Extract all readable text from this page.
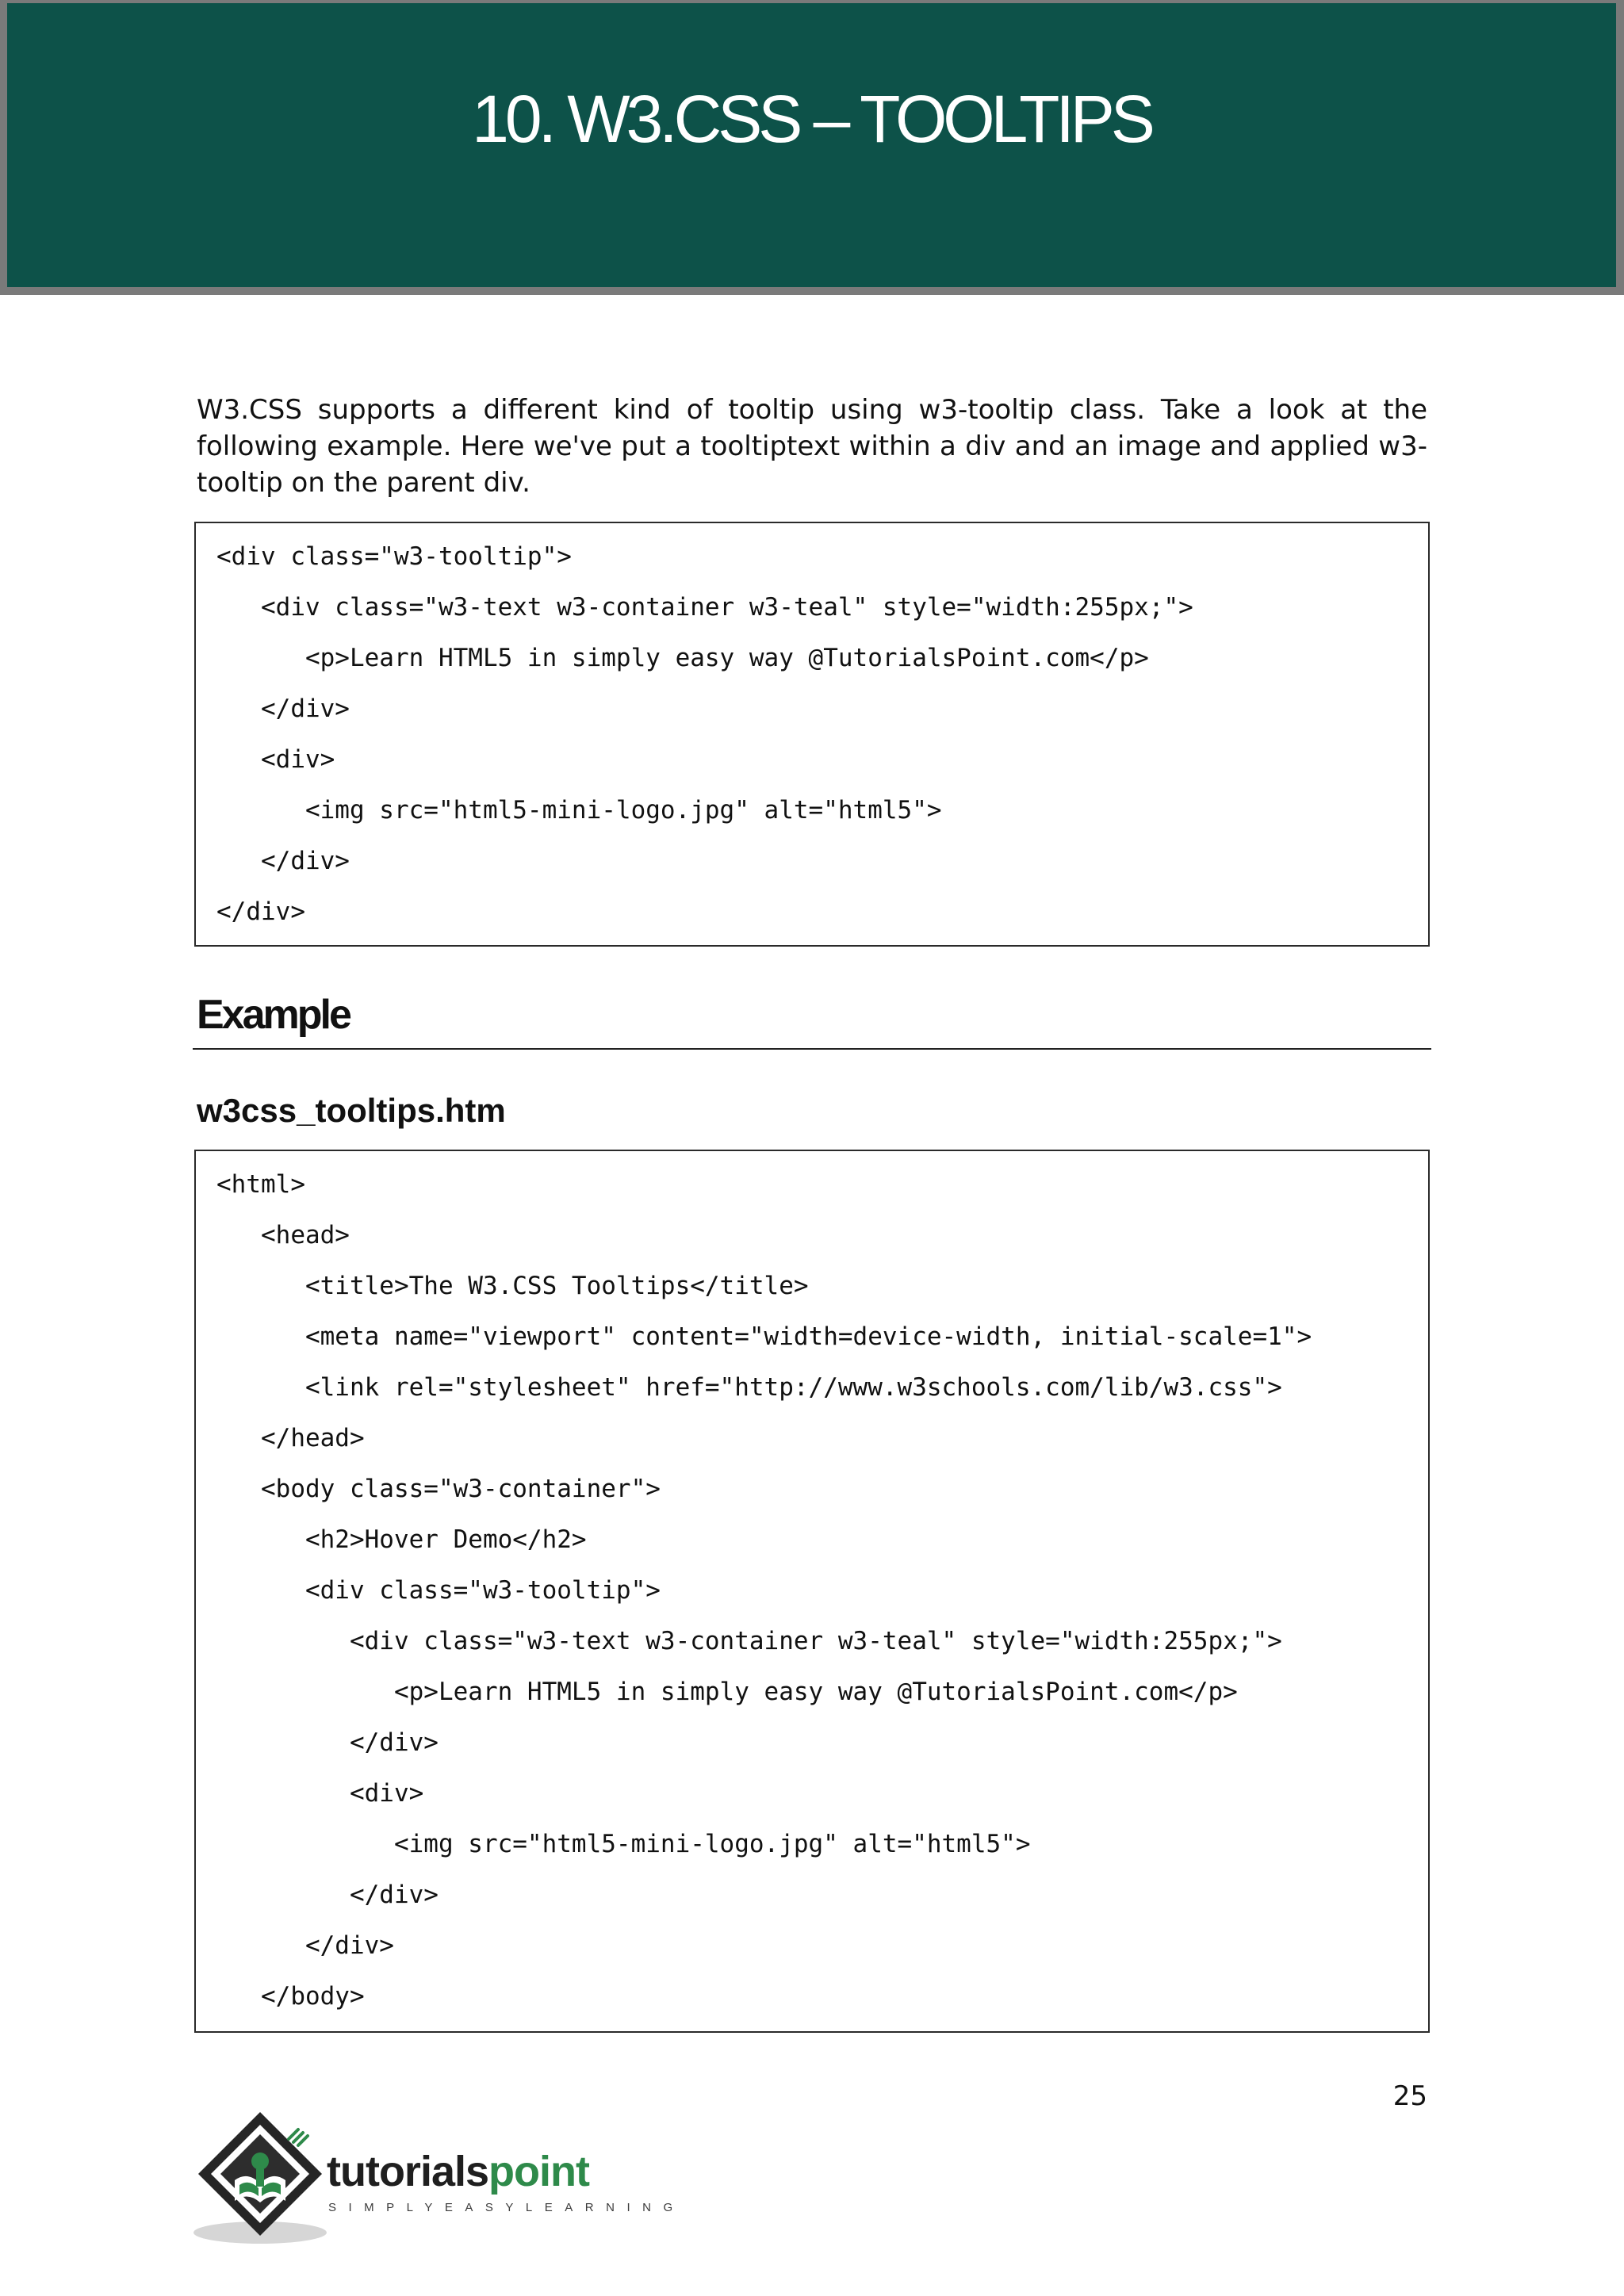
10. W3.CSS – TOOLTIPS

W3.CSS supports a different kind of tooltip using w3-tooltip class. Take a look at the following example. Here we've put a tooltiptext within a div and an image and applied w3-tooltip on the parent div.

<div class="w3-tooltip">
<div class="w3-text w3-container w3-teal" style="width:255px;">
<p>Learn HTML5 in simply easy way @TutorialsPoint.com</p>
</div>
<div>
<img src="html5-mini-logo.jpg" alt="html5">
</div>
</div>
Example
w3css_tooltips.htm
<html>
<head>
<title>The W3.CSS Tooltips</title>
<meta name="viewport" content="width=device-width, initial-scale=1">
<link rel="stylesheet" href="http://www.w3schools.com/lib/w3.css">
</head>
<body class="w3-container">
<h2>Hover Demo</h2>
<div class="w3-tooltip">
<div class="w3-text w3-container w3-teal" style="width:255px;">
<p>Learn HTML5 in simply easy way @TutorialsPoint.com</p>
</div>
<div>
<img src="html5-mini-logo.jpg" alt="html5">
</div>
</div>
</body>
25
tutorialspoint
SIMPLYEASYLEARNING
